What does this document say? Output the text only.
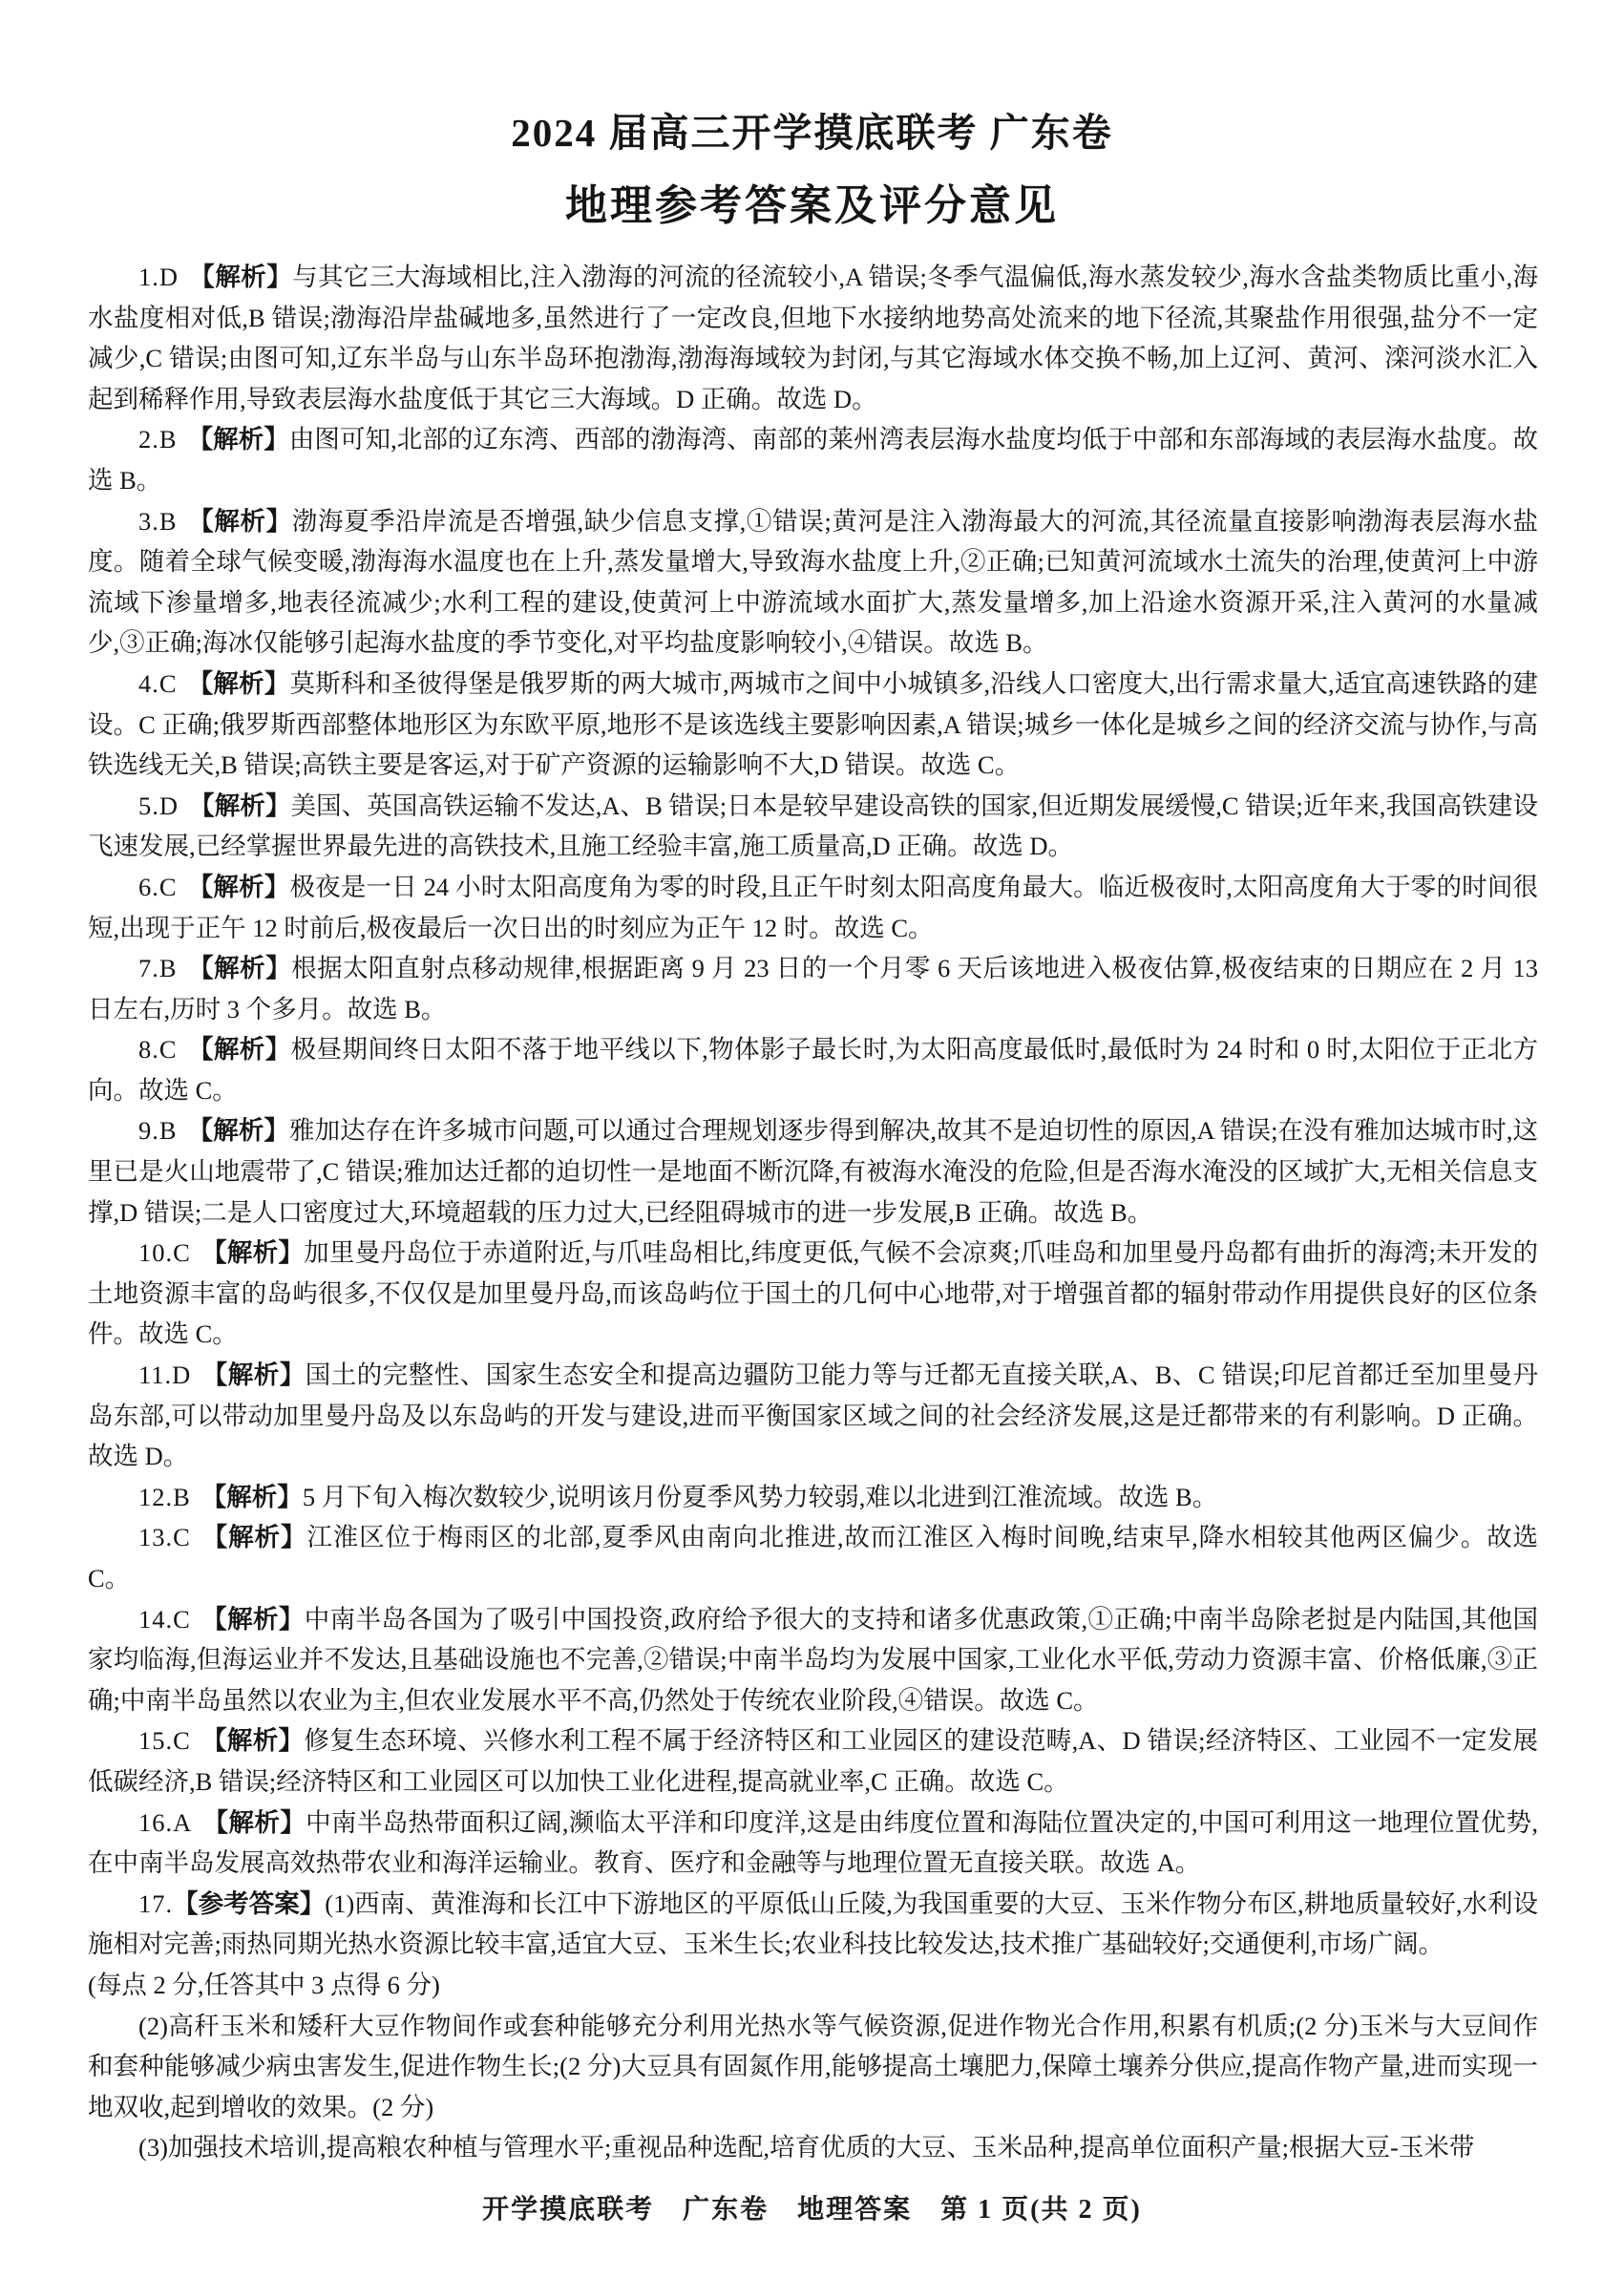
2024 届高三开学摸底联考 广东卷
地理参考答案及评分意见

1.D 【解析】与其它三大海域相比,注入渤海的河流的径流较小,A 错误;冬季气温偏低,海水蒸发较少,海水含盐类物质比重小,海水盐度相对低,B 错误;渤海沿岸盐碱地多,虽然进行了一定改良,但地下水接纳地势高处流来的地下径流,其聚盐作用很强,盐分不一定减少,C 错误;由图可知,辽东半岛与山东半岛环抱渤海,渤海海域较为封闭,与其它海域水体交换不畅,加上辽河、黄河、滦河淡水汇入起到稀释作用,导致表层海水盐度低于其它三大海域。D 正确。故选 D。

2.B 【解析】由图可知,北部的辽东湾、西部的渤海湾、南部的莱州湾表层海水盐度均低于中部和东部海域的表层海水盐度。故选 B。

3.B 【解析】渤海夏季沿岸流是否增强,缺少信息支撑,①错误;黄河是注入渤海最大的河流,其径流量直接影响渤海表层海水盐度。随着全球气候变暖,渤海海水温度也在上升,蒸发量增大,导致海水盐度上升,②正确;已知黄河流域水土流失的治理,使黄河上中游流域下渗量增多,地表径流减少;水利工程的建设,使黄河上中游流域水面扩大,蒸发量增多,加上沿途水资源开采,注入黄河的水量减少,③正确;海冰仅能够引起海水盐度的季节变化,对平均盐度影响较小,④错误。故选 B。

4.C 【解析】莫斯科和圣彼得堡是俄罗斯的两大城市,两城市之间中小城镇多,沿线人口密度大,出行需求量大,适宜高速铁路的建设。C 正确;俄罗斯西部整体地形区为东欧平原,地形不是该选线主要影响因素,A 错误;城乡一体化是城乡之间的经济交流与协作,与高铁选线无关,B 错误;高铁主要是客运,对于矿产资源的运输影响不大,D 错误。故选 C。

5.D 【解析】美国、英国高铁运输不发达,A、B 错误;日本是较早建设高铁的国家,但近期发展缓慢,C 错误;近年来,我国高铁建设飞速发展,已经掌握世界最先进的高铁技术,且施工经验丰富,施工质量高,D 正确。故选 D。

6.C 【解析】极夜是一日 24 小时太阳高度角为零的时段,且正午时刻太阳高度角最大。临近极夜时,太阳高度角大于零的时间很短,出现于正午 12 时前后,极夜最后一次日出的时刻应为正午 12 时。故选 C。

7.B 【解析】根据太阳直射点移动规律,根据距离 9 月 23 日的一个月零 6 天后该地进入极夜估算,极夜结束的日期应在 2 月 13 日左右,历时 3 个多月。故选 B。

8.C 【解析】极昼期间终日太阳不落于地平线以下,物体影子最长时,为太阳高度最低时,最低时为 24 时和 0 时,太阳位于正北方向。故选 C。

9.B 【解析】雅加达存在许多城市问题,可以通过合理规划逐步得到解决,故其不是迫切性的原因,A 错误;在没有雅加达城市时,这里已是火山地震带了,C 错误;雅加达迁都的迫切性一是地面不断沉降,有被海水淹没的危险,但是否海水淹没的区域扩大,无相关信息支撑,D 错误;二是人口密度过大,环境超载的压力过大,已经阻碍城市的进一步发展,B 正确。故选 B。

10.C 【解析】加里曼丹岛位于赤道附近,与爪哇岛相比,纬度更低,气候不会凉爽;爪哇岛和加里曼丹岛都有曲折的海湾;未开发的土地资源丰富的岛屿很多,不仅仅是加里曼丹岛,而该岛屿位于国土的几何中心地带,对于增强首都的辐射带动作用提供良好的区位条件。故选 C。

11.D 【解析】国土的完整性、国家生态安全和提高边疆防卫能力等与迁都无直接关联,A、B、C 错误;印尼首都迁至加里曼丹岛东部,可以带动加里曼丹岛及以东岛屿的开发与建设,进而平衡国家区域之间的社会经济发展,这是迁都带来的有利影响。D 正确。故选 D。

12.B 【解析】5 月下旬入梅次数较少,说明该月份夏季风势力较弱,难以北进到江淮流域。故选 B。

13.C 【解析】江淮区位于梅雨区的北部,夏季风由南向北推进,故而江淮区入梅时间晚,结束早,降水相较其他两区偏少。故选 C。

14.C 【解析】中南半岛各国为了吸引中国投资,政府给予很大的支持和诸多优惠政策,①正确;中南半岛除老挝是内陆国,其他国家均临海,但海运业并不发达,且基础设施也不完善,②错误;中南半岛均为发展中国家,工业化水平低,劳动力资源丰富、价格低廉,③正确;中南半岛虽然以农业为主,但农业发展水平不高,仍然处于传统农业阶段,④错误。故选 C。

15.C 【解析】修复生态环境、兴修水利工程不属于经济特区和工业园区的建设范畴,A、D 错误;经济特区、工业园不一定发展低碳经济,B 错误;经济特区和工业园区可以加快工业化进程,提高就业率,C 正确。故选 C。

16.A 【解析】中南半岛热带面积辽阔,濒临太平洋和印度洋,这是由纬度位置和海陆位置决定的,中国可利用这一地理位置优势,在中南半岛发展高效热带农业和海洋运输业。教育、医疗和金融等与地理位置无直接关联。故选 A。

17.【参考答案】(1)西南、黄淮海和长江中下游地区的平原低山丘陵,为我国重要的大豆、玉米作物分布区,耕地质量较好,水利设施相对完善;雨热同期光热水资源比较丰富,适宜大豆、玉米生长;农业科技比较发达,技术推广基础较好;交通便利,市场广阔。

(每点 2 分,任答其中 3 点得 6 分)

(2)高秆玉米和矮秆大豆作物间作或套种能够充分利用光热水等气候资源,促进作物光合作用,积累有机质;(2 分)玉米与大豆间作和套种能够减少病虫害发生,促进作物生长;(2 分)大豆具有固氮作用,能够提高土壤肥力,保障土壤养分供应,提高作物产量,进而实现一地双收,起到增收的效果。(2 分)

(3)加强技术培训,提高粮农种植与管理水平;重视品种选配,培育优质的大豆、玉米品种,提高单位面积产量;根据大豆-玉米带

开学摸底联考　广东卷　地理答案　第 1 页(共 2 页)
